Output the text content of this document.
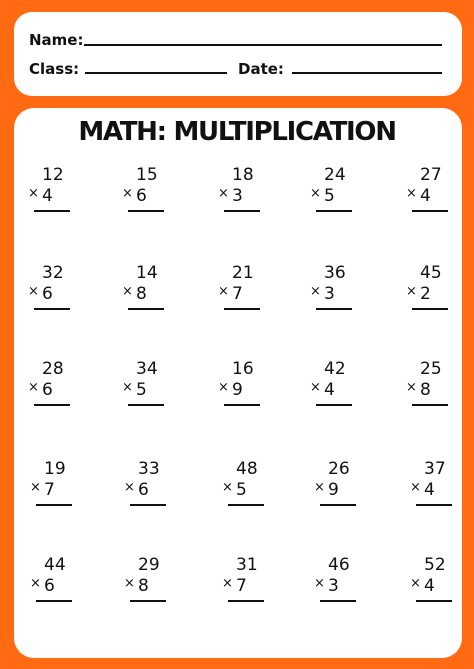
Name:
Class:	Date:
MATH: MULTIPLICATION
12
× 4
15
× 6
18
× 3
24
× 5
27
× 4
32
× 6
14
× 8
21
× 7
36
× 3
45
× 2
28
× 6
34
× 5
16
× 9
42
× 4
25
× 8
19
× 7
33
× 6
48
× 5
26
× 9
37
× 4
44
× 6
29
× 8
31
× 7
46
× 3
52
× 4
